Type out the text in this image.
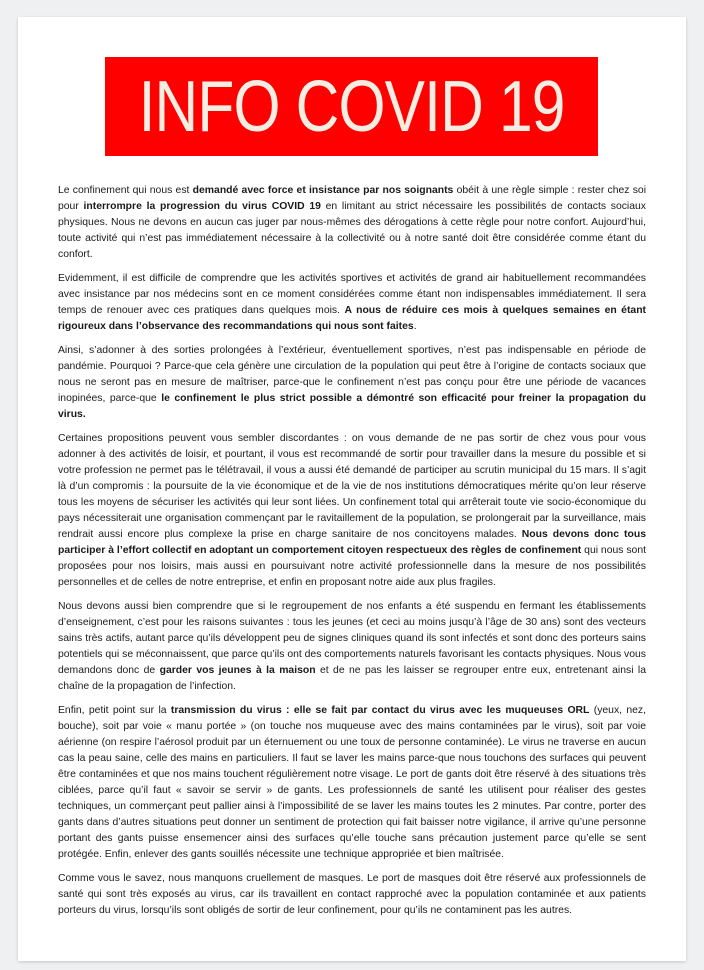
INFO COVID 19

Le confinement qui nous est demandé avec force et insistance par nos soignants obéit à une règle simple : rester chez soi pour interrompre la progression du virus COVID 19 en limitant au strict nécessaire les possibilités de contacts sociaux physiques. Nous ne devons en aucun cas juger par nous-mêmes des dérogations à cette règle pour notre confort. Aujourd’hui, toute activité qui n’est pas immédiatement nécessaire à la collectivité ou à notre santé doit être considérée comme étant du confort.

Evidemment, il est difficile de comprendre que les activités sportives et activités de grand air habituellement recommandées avec insistance par nos médecins sont en ce moment considérées comme étant non indispensables immédiatement. Il sera temps de renouer avec ces pratiques dans quelques mois. A nous de réduire ces mois à quelques semaines en étant rigoureux dans l’observance des recommandations qui nous sont faites.

Ainsi, s’adonner à des sorties prolongées à l’extérieur, éventuellement sportives, n’est pas indispensable en période de pandémie. Pourquoi ? Parce-que cela génère une circulation de la population qui peut être à l’origine de contacts sociaux que nous ne seront pas en mesure de maîtriser, parce-que le confinement n’est pas conçu pour être une période de vacances inopinées, parce-que le confinement le plus strict possible a démontré son efficacité pour freiner la propagation du virus.

Certaines propositions peuvent vous sembler discordantes : on vous demande de ne pas sortir de chez vous pour vous adonner à des activités de loisir, et pourtant, il vous est recommandé de sortir pour travailler dans la mesure du possible et si votre profession ne permet pas le télétravail, il vous a aussi été demandé de participer au scrutin municipal du 15 mars. Il s’agit là d’un compromis : la poursuite de la vie économique et de la vie de nos institutions démocratiques mérite qu’on leur réserve tous les moyens de sécuriser les activités qui leur sont liées. Un confinement total qui arrêterait toute vie socio-économique du pays nécessiterait une organisation commençant par le ravitaillement de la population, se prolongerait par la surveillance, mais rendrait aussi encore plus complexe la prise en charge sanitaire de nos concitoyens malades. Nous devons donc tous participer à l’effort collectif en adoptant un comportement citoyen respectueux des règles de confinement qui nous sont proposées pour nos loisirs, mais aussi en poursuivant notre activité professionnelle dans la mesure de nos possibilités personnelles et de celles de notre entreprise, et enfin en proposant notre aide aux plus fragiles.

Nous devons aussi bien comprendre que si le regroupement de nos enfants a été suspendu en fermant les établissements d’enseignement, c’est pour les raisons suivantes : tous les jeunes (et ceci au moins jusqu’à l’âge de 30 ans) sont des vecteurs sains très actifs, autant parce qu’ils développent peu de signes cliniques quand ils sont infectés et sont donc des porteurs sains potentiels qui se méconnaissent, que parce qu’ils ont des comportements naturels favorisant les contacts physiques. Nous vous demandons donc de garder vos jeunes à la maison et de ne pas les laisser se regrouper entre eux, entretenant ainsi la chaîne de la propagation de l’infection.

Enfin, petit point sur la transmission du virus : elle se fait par contact du virus avec les muqueuses ORL (yeux, nez, bouche), soit par voie « manu portée » (on touche nos muqueuse avec des mains contaminées par le virus), soit par voie aérienne (on respire l’aérosol produit par un éternuement ou une toux de personne contaminée). Le virus ne traverse en aucun cas la peau saine, celle des mains en particuliers. Il faut se laver les mains parce-que nous touchons des surfaces qui peuvent être contaminées et que nos mains touchent régulièrement notre visage. Le port de gants doit être réservé à des situations très ciblées, parce qu’il faut « savoir se servir » de gants. Les professionnels de santé les utilisent pour réaliser des gestes techniques, un commerçant peut pallier ainsi à l’impossibilité de se laver les mains toutes les 2 minutes. Par contre, porter des gants dans d’autres situations peut donner un sentiment de protection qui fait baisser notre vigilance, il arrive qu’une personne portant des gants puisse ensemencer ainsi des surfaces qu’elle touche sans précaution justement parce qu’elle se sent protégée. Enfin, enlever des gants souillés nécessite une technique appropriée et bien maîtrisée.

Comme vous le savez, nous manquons cruellement de masques. Le port de masques doit être réservé aux professionnels de santé qui sont très exposés au virus, car ils travaillent en contact rapproché avec la population contaminée et aux patients porteurs du virus, lorsqu’ils sont obligés de sortir de leur confinement, pour qu’ils ne contaminent pas les autres.
